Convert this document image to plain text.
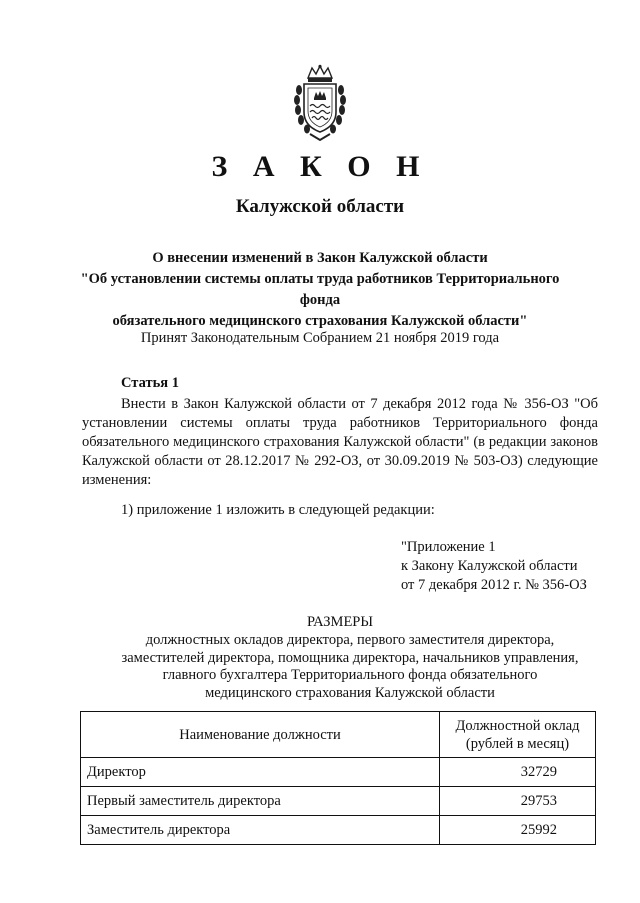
З А К О Н
Калужской области
О внесении изменений в Закон Калужской области
"Об установлении системы оплаты труда работников Территориального фонда
обязательного медицинского страхования Калужской области"
Принят Законодательным Собранием 21 ноября 2019 года
Статья 1
Внести в Закон Калужской области от 7 декабря 2012 года № 356-ОЗ "Об установлении системы оплаты труда работников Территориального фонда обязательного медицинского страхования Калужской области" (в редакции законов Калужской области от 28.12.2017 № 292-ОЗ, от 30.09.2019 № 503-ОЗ) следующие изменения:
1) приложение 1 изложить в следующей редакции:
"Приложение 1
к Закону Калужской области
от 7 декабря 2012 г. № 356-ОЗ
РАЗМЕРЫ
должностных окладов директора, первого заместителя директора,
заместителей директора, помощника директора, начальников управления,
главного бухгалтера Территориального фонда обязательного
медицинского страхования Калужской области
Наименование должности	Должностной оклад
(рублей в месяц)

Директор	32729
Первый заместитель директора	29753
Заместитель директора	25992
